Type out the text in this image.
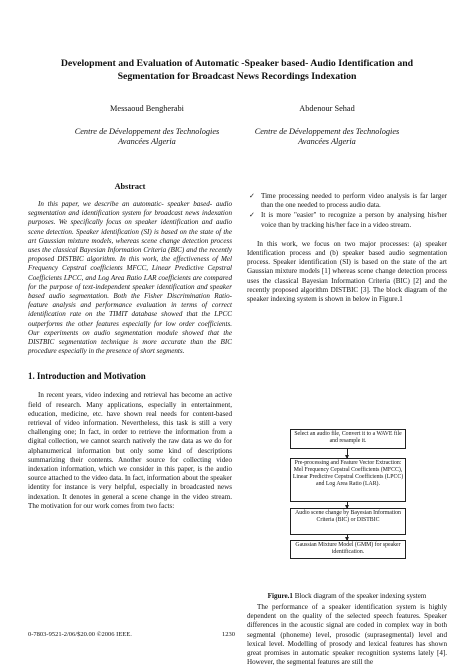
Development and Evaluation of Automatic -Speaker based- Audio Identification and Segmentation for Broadcast News Recordings Indexation
Messaoud Bengherabi
Centre de Développement des Technologies Avancées Algeria
Abdenour Sehad
Centre de Développement des Technologies Avancées Algeria
Abstract

In this paper, we describe an automatic- speaker based- audio segmentation and identification system for broadcast news indexation purposes. We specifically focus on speaker identification and audio scene detection. Speaker identification (SI) is based on the state of the art Gaussian mixture models, whereas scene change detection process uses the classical Bayesian Information Criteria (BIC) and the recently proposed DISTBIC algorithm. In this work, the effectiveness of Mel Frequency Cepstral coefficients MFCC, Linear Predictive Cepstral Coefficients LPCC, and Log Area Ratio LAR coefficients are compared for the purpose of text-independent speaker identification and speaker based audio segmentation. Both the Fisher Discrimination Ratio- feature analysis and performance evaluation in terms of correct identification rate on the TIMIT database showed that the LPCC outperforms the other features especially for low order coefficients. Our experiments on audio segmentation module showed that the DISTBIC segmentation technique is more accurate than the BIC procedure especially in the presence of short segments.

1. Introduction and Motivation

In recent years, video indexing and retrieval has become an active field of research. Many applications, especially in entertainment, education, medicine, etc. have shown real needs for content-based retrieval of video information. Nevertheless, this task is still a very challenging one; In fact, in order to retrieve the information from a digital collection, we cannot search natively the raw data as we do for alphanumerical information but only some kind of descriptions summarizing their contents. Another source for collecting video indexation information, which we consider in this paper, is the audio source attached to the video data. In fact, information about the speaker identity for instance is very helpful, especially in broadcasted news indexation. It denotes in general a scene change in the video stream. The motivation for our work comes from two facts:

✓ Time processing needed to perform video analysis is far larger than the one needed to process audio data.
✓ It is more "easier" to recognize a person by analysing his/her voice than by tracking his/her face in a video stream.

In this work, we focus on two major processes: (a) speaker Identification process and (b) speaker based audio segmentation process. Speaker identification (SI) is based on the state of the art Gaussian mixture models [1] whereas scene change detection process uses the classical Bayesian Information Criteria (BIC) [2] and the recently proposed algorithm DISTBIC [3]. The block diagram of the speaker indexing system is shown in below in Figure.1

Select an audio file, Convert it to a WAVE file and resample it.
Pre-processing and Feature Vector Extraction: Mel Frequency Cepstral Coefficients (MFCC), Linear Predictive Cepstral Coefficients (LPCC) and Log Area Ratio (LAR).
Audio scene change by Bayesian Information Criteria (BIC) or DISTBIC
Gaussian Mixture Model (GMM) for speaker identification.
Figure.1 Block diagram of the speaker indexing system

The performance of a speaker identification system is highly dependent on the quality of the selected speech features. Speaker differences in the acoustic signal are coded in complex way in both segmental (phoneme) level, prosodic (suprasegmental) level and lexical level. Modelling of prosody and lexical features has shown great promises in automatic speaker recognition systems lately [4]. However, the segmental features are still the

0-7803-9521-2/06/$20.00 ©2006 IEEE.	1230
